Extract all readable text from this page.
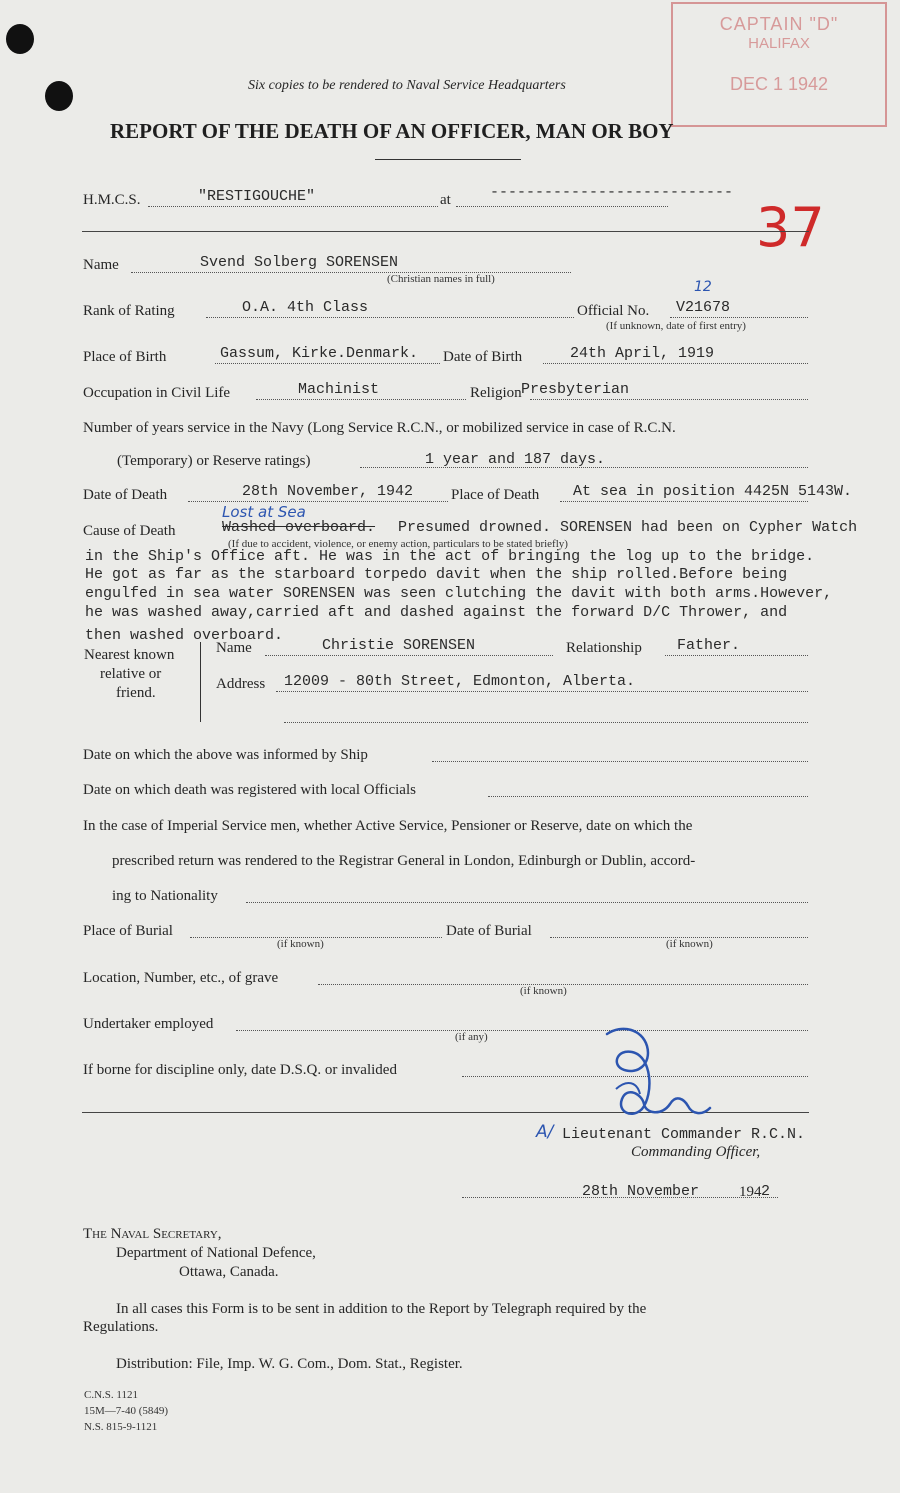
CAPTAIN "D"
HALIFAX
DEC 1 1942
37
Six copies to be rendered to Naval Service Headquarters
REPORT OF THE DEATH OF AN OFFICER, MAN OR BOY
H.M.C.S.	"RESTIGOUCHE"	at	---------------------------
Name	Svend Solberg SORENSEN
(Christian names in full)
Rank of Rating	O.A. 4th Class	Official No. V21678
12
(If unknown, date of first entry)
Place of Birth	Gassum, Kirke.Denmark. Date of Birth	24th April, 1919
Occupation in Civil Life	Machinist	Religion Presbyterian
Number of years service in the Navy (Long Service R.C.N., or mobilized service in case of R.C.N.
(Temporary) or Reserve ratings)	1 year and 187 days.
Date of Death	28th November, 1942	Place of Death At sea in position 4425N 5143W.
Cause of Death
Lost at Sea
Washed overboard. Presumed drowned. SORENSEN had been on Cypher Watch
(If due to accident, violence, or enemy action, particulars to be stated briefly)
in the Ship's Office aft. He was in the act of bringing the log up to the bridge.
He got as far as the starboard torpedo davit when the ship rolled.Before being
engulfed in sea water SORENSEN was seen clutching the davit with both arms.However,
he was washed away,carried aft and dashed against the forward D/C Thrower, and
then washed overboard.
Nearest known
relative or
friend.
Name	Christie SORENSEN	Relationship Father.
Address 12009 - 80th Street, Edmonton, Alberta.
Date on which the above was informed by Ship
Date on which death was registered with local Officials
In the case of Imperial Service men, whether Active Service, Pensioner or Reserve, date on which the
prescribed return was rendered to the Registrar General in London, Edinburgh or Dublin, accord-
ing to Nationality
Place of Burial
(if known)
Date of Burial
(if known)
Location, Number, etc., of grave
(if known)
Undertaker employed
(if any)
If borne for discipline only, date D.S.Q. or invalided
A/ Lieutenant Commander R.C.N.
Commanding Officer,
28th November	194 2
The Naval Secretary,
Department of National Defence,
Ottawa, Canada.
In all cases this Form is to be sent in addition to the Report by Telegraph required by the
Regulations.
Distribution: File, Imp. W. G. Com., Dom. Stat., Register.
C.N.S. 1121
15M—7-40 (5849)
N.S. 815-9-1121
